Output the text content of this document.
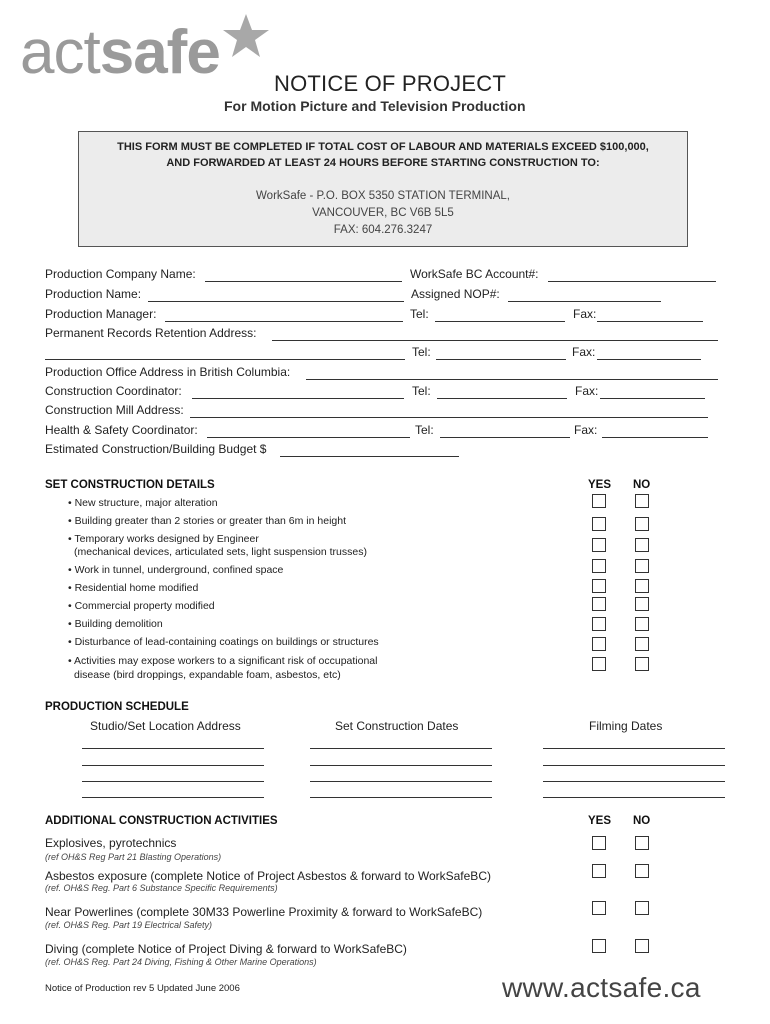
actsafe NOTICE OF PROJECT
For Motion Picture and Television Production
THIS FORM MUST BE COMPLETED IF TOTAL COST OF LABOUR AND MATERIALS EXCEED $100,000,
AND FORWARDED AT LEAST 24 HOURS BEFORE STARTING CONSTRUCTION TO:
WorkSafe - P.O. BOX 5350 STATION TERMINAL,
VANCOUVER, BC V6B 5L5
FAX: 604.276.3247
Production Company Name:	WorkSafe BC Account#:
Production Name:	Assigned NOP#:
Production Manager:	Tel:	Fax:
Permanent Records Retention Address:
Tel:	Fax:
Production Office Address in British Columbia:
Construction Coordinator:	Tel:	Fax:
Construction Mill Address:
Health & Safety Coordinator:	Tel:	Fax:
Estimated Construction/Building Budget $
SET CONSTRUCTION DETAILS	YES NO
• New structure, major alteration
• Building greater than 2 stories or greater than 6m in height
• Temporary works designed by Engineer
(mechanical devices, articulated sets, light suspension trusses)
• Work in tunnel, underground, confined space
• Residential home modified
• Commercial property modified
• Building demolition
• Disturbance of lead-containing coatings on buildings or structures
• Activities may expose workers to a significant risk of occupational
disease (bird droppings, expandable foam, asbestos, etc)
PRODUCTION SCHEDULE
Studio/Set Location Address	Set Construction Dates	Filming Dates
ADDITIONAL CONSTRUCTION ACTIVITIES	YES NO
Explosives, pyrotechnics
(ref OH&S Reg Part 21 Blasting Operations)
Asbestos exposure (complete Notice of Project Asbestos & forward to WorkSafeBC)
(ref. OH&S Reg. Part 6 Substance Specific Requirements)
Near Powerlines (complete 30M33 Powerline Proximity & forward to WorkSafeBC)
(ref. OH&S Reg. Part 19 Electrical Safety)
Diving (complete Notice of Project Diving & forward to WorkSafeBC)
(ref. OH&S Reg. Part 24 Diving, Fishing & Other Marine Operations)
Notice of Production rev 5 Updated June 2006	www.actsafe.ca
